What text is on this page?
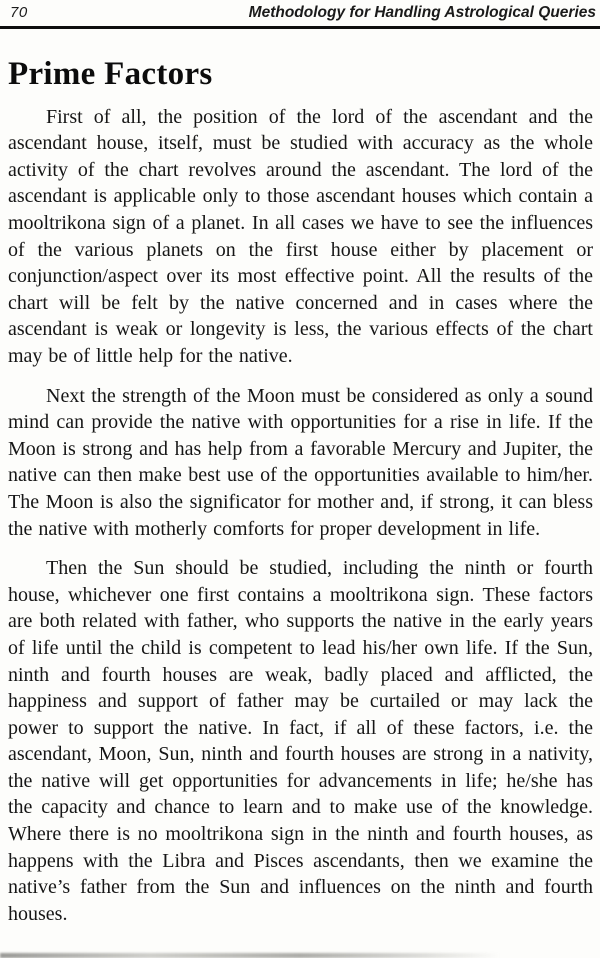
70	Methodology for Handling Astrological Queries
Prime Factors

First of all, the position of the lord of the ascendant and the ascendant house, itself, must be studied with accuracy as the whole activity of the chart revolves around the ascendant. The lord of the ascendant is applicable only to those ascendant houses which contain a mooltrikona sign of a planet. In all cases we have to see the influences of the various planets on the first house either by placement or conjunction/aspect over its most effective point. All the results of the chart will be felt by the native concerned and in cases where the ascendant is weak or longevity is less, the various effects of the chart may be of little help for the native.

Next the strength of the Moon must be considered as only a sound mind can provide the native with opportunities for a rise in life. If the Moon is strong and has help from a favorable Mercury and Jupiter, the native can then make best use of the opportunities available to him/her. The Moon is also the significator for mother and, if strong, it can bless the native with motherly comforts for proper development in life.

Then the Sun should be studied, including the ninth or fourth house, whichever one first contains a mooltrikona sign. These factors are both related with father, who supports the native in the early years of life until the child is competent to lead his/her own life. If the Sun, ninth and fourth houses are weak, badly placed and afflicted, the happiness and support of father may be curtailed or may lack the power to support the native. In fact, if all of these factors, i.e. the ascendant, Moon, Sun, ninth and fourth houses are strong in a nativity, the native will get opportunities for advancements in life; he/she has the capacity and chance to learn and to make use of the knowledge. Where there is no mooltrikona sign in the ninth and fourth houses, as happens with the Libra and Pisces ascendants, then we examine the native’s father from the Sun and influences on the ninth and fourth houses.
